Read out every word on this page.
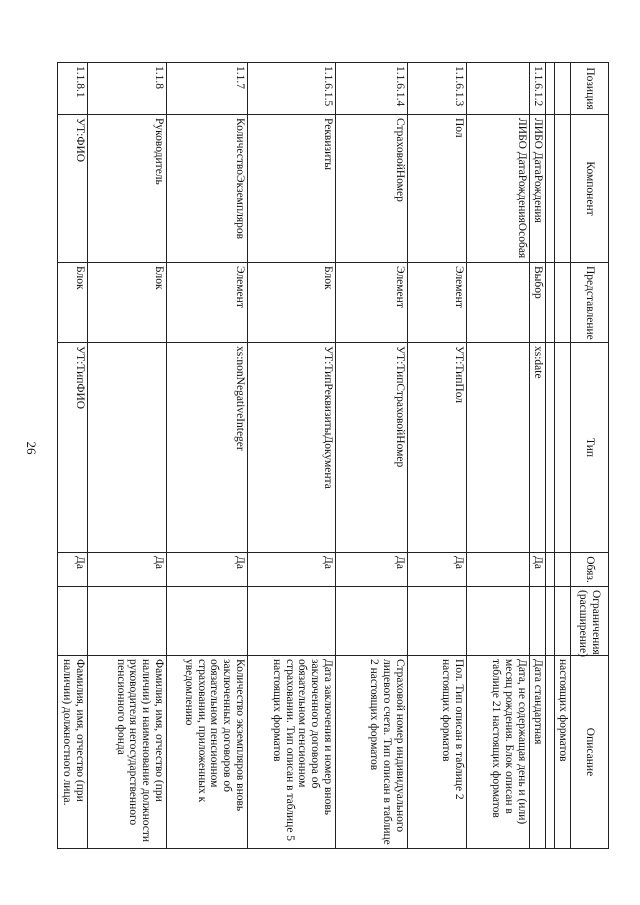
26
Позиция	Компонент	Представление	Тип	Обяз.	Ограничения (расширение)	Описание
						настоящих форматов

1.1.6.1.2	ЛИБО ДатаРождения	Выбор	xs:date	Да		Дата стандартная
	ЛИБО ДатаРожденияОсобая					Дата, не содержащая день и (или) месяц рождения. Блок описан в таблице 21 настоящих форматов
1.1.6.1.3	Пол	Элемент	УТ:ТипПол	Да		Пол. Тип описан в таблице 2 настоящих форматов
1.1.6.1.4	СтраховойНомер	Элемент	УТ:ТипСтраховойНомер	Да		Страховой номер индивидуального лицевого счета. Тип описан в таблице 2 настоящих форматов
1.1.6.1.5	Реквизиты	Блок	УТ:ТипРеквизитыДокумента	Да		Дата заключения и номер вновь заключенного договора об обязательном пенсионном страховании. Тип описан в таблице 5 настоящих форматов
1.1.7	КоличествоЭкземпляров	Элемент	xs:nonNegativeInteger	Да		Количество экземпляров вновь заключенных договоров об обязательном пенсионном страховании, приложенных к уведомлению
1.1.8	Руководитель	Блок		Да		Фамилия, имя, отчество (при наличии) и наименование должности руководителя негосударственного пенсионного фонда
1.1.8.1	УТ:ФИО	Блок	УТ:ТипФИО	Да		Фамилия, имя, отчество (при наличии) должностного лица.
